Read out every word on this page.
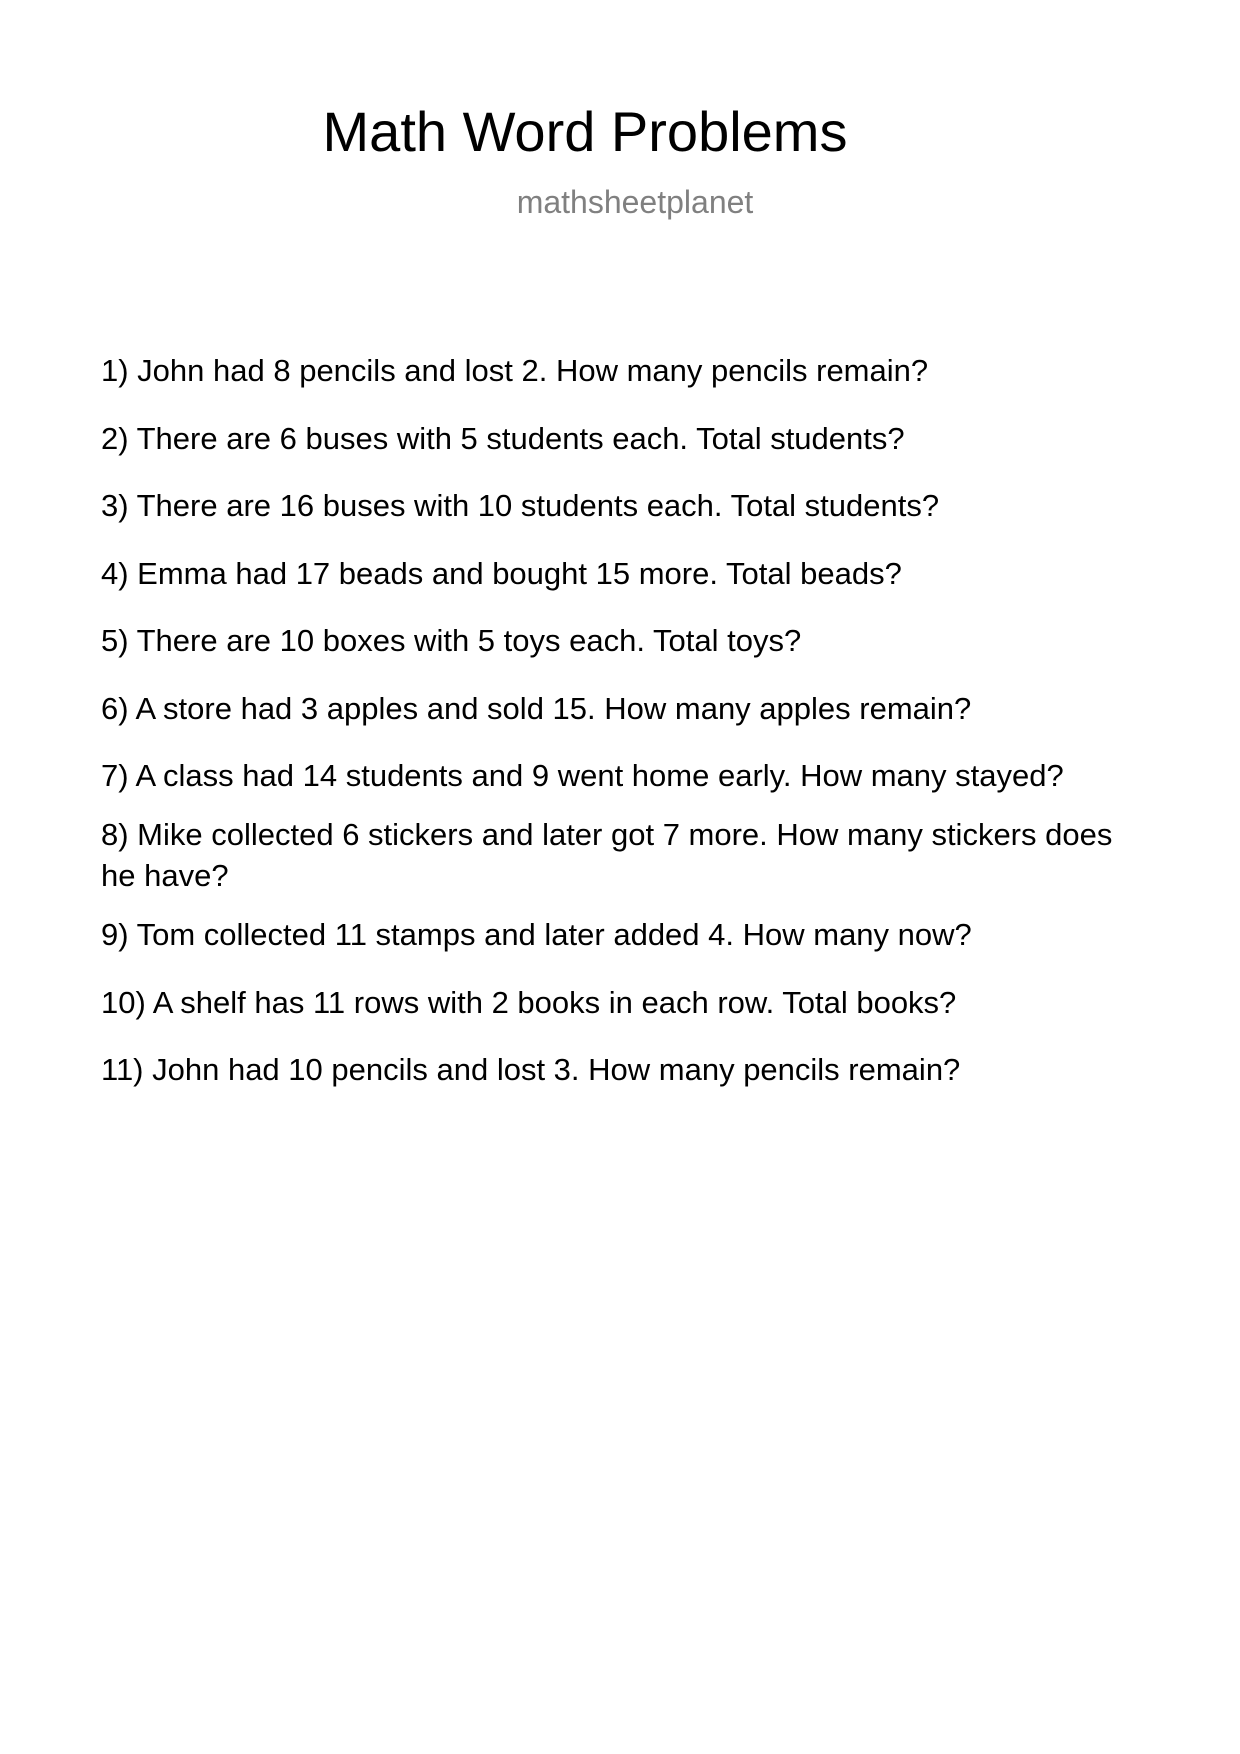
Math Word Problems
mathsheetplanet
1) John had 8 pencils and lost 2. How many pencils remain?
2) There are 6 buses with 5 students each. Total students?
3) There are 16 buses with 10 students each. Total students?
4) Emma had 17 beads and bought 15 more. Total beads?
5) There are 10 boxes with 5 toys each. Total toys?
6) A store had 3 apples and sold 15. How many apples remain?
7) A class had 14 students and 9 went home early. How many stayed?
8) Mike collected 6 stickers and later got 7 more. How many stickers does he have?
9) Tom collected 11 stamps and later added 4. How many now?
10) A shelf has 11 rows with 2 books in each row. Total books?
11) John had 10 pencils and lost 3. How many pencils remain?
